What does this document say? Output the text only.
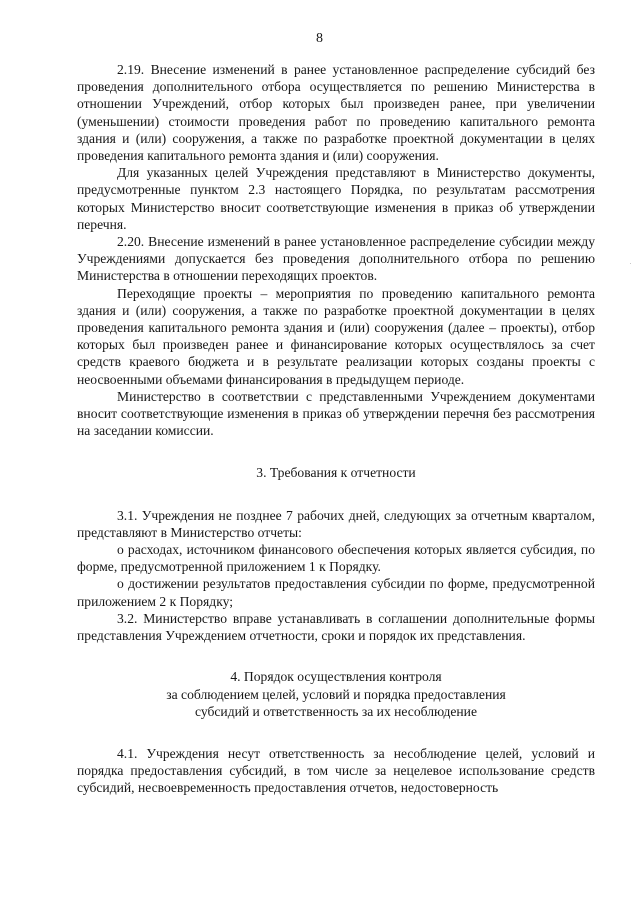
8

2.19. Внесение изменений в ранее установленное распределение субсидий без проведения дополнительного отбора осуществляется по решению Министерства в отношении Учреждений, отбор которых был произведен ранее, при увеличении (уменьшении) стоимости проведения работ по проведению капитального ремонта здания и (или) сооружения, а также по разработке проектной документации в целях проведения капитального ремонта здания и (или) сооружения.

Для указанных целей Учреждения представляют в Министерство документы, предусмотренные пунктом 2.3 настоящего Порядка, по результатам рассмотрения которых Министерство вносит соответствующие изменения в приказ об утверждении перечня.

2.20. Внесение изменений в ранее установленное распределение субсидии между Учреждениями допускается без проведения дополнительного отбора по решению Министерства в отношении переходящих проектов.

Переходящие проекты – мероприятия по проведению капитального ремонта здания и (или) сооружения, а также по разработке проектной документации в целях проведения капитального ремонта здания и (или) сооружения (далее – проекты), отбор которых был произведен ранее и финансирование которых осуществлялось за счет средств краевого бюджета и в результате реализации которых созданы проекты с неосвоенными объемами финансирования в предыдущем периоде.

Министерство в соответствии с представленными Учреждением документами вносит соответствующие изменения в приказ об утверждении перечня без рассмотрения на заседании комиссии.

3. Требования к отчетности

3.1. Учреждения не позднее 7 рабочих дней, следующих за отчетным кварталом, представляют в Министерство отчеты:

о расходах, источником финансового обеспечения которых является субсидия, по форме, предусмотренной приложением 1 к Порядку.

о достижении результатов предоставления субсидии по форме, предусмотренной приложением 2 к Порядку;

3.2. Министерство вправе устанавливать в соглашении дополнительные формы представления Учреждением отчетности, сроки и порядок их представления.

4. Порядок осуществления контроля
за соблюдением целей, условий и порядка предоставления
субсидий и ответственность за их несоблюдение

4.1. Учреждения несут ответственность за несоблюдение целей, условий и порядка предоставления субсидий, в том числе за нецелевое использование средств субсидий, несвоевременность предоставления отчетов, недостоверность
